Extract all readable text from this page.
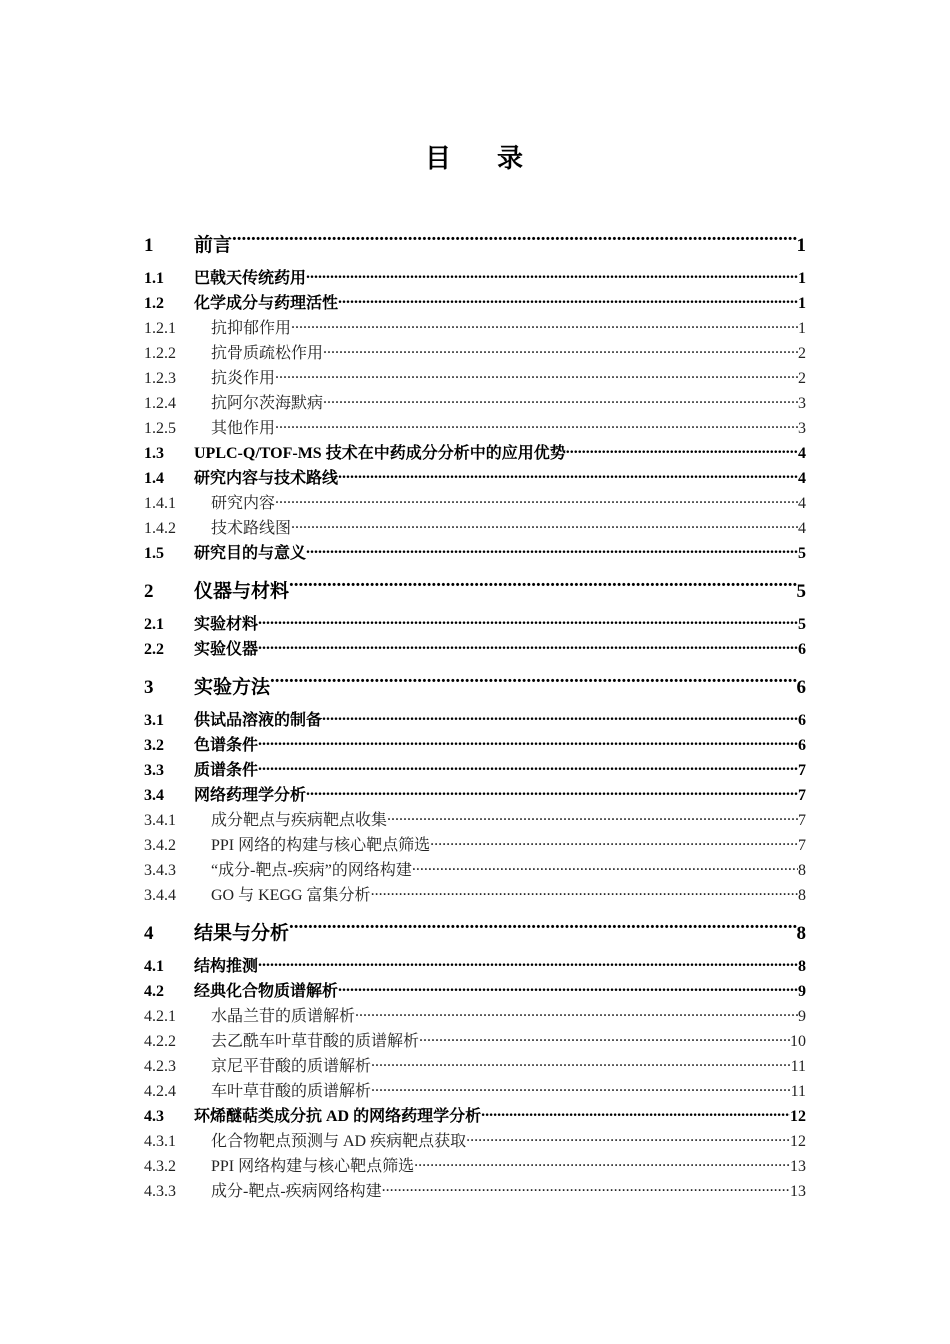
目 录
1	前言 .....	1
1.1	巴戟天传统药用 .....	1
1.2	化学成分与药理活性 .....	1
1.2.1	抗抑郁作用 .....	1
1.2.2	抗骨质疏松作用 .....	2
1.2.3	抗炎作用 .....	2
1.2.4	抗阿尔茨海默病 .....	3
1.2.5	其他作用 .....	3
1.3	UPLC-Q/TOF-MS 技术在中药成分分析中的应用优势 .....	4
1.4	研究内容与技术路线 .....	4
1.4.1	研究内容 .....	4
1.4.2	技术路线图 .....	4
1.5	研究目的与意义 .....	5
2	仪器与材料 .....	5
2.1	实验材料 .....	5
2.2	实验仪器 .....	6
3	实验方法 .....	6
3.1	供试品溶液的制备 .....	6
3.2	色谱条件 .....	6
3.3	质谱条件 .....	7
3.4	网络药理学分析 .....	7
3.4.1	成分靶点与疾病靶点收集 .....	7
3.4.2	PPI 网络的构建与核心靶点筛选 .....	7
3.4.3	“成分-靶点-疾病”的网络构建 .....	8
3.4.4	GO 与 KEGG 富集分析 .....	8
4	结果与分析 .....	8
4.1	结构推测 .....	8
4.2	经典化合物质谱解析 .....	9
4.2.1	水晶兰苷的质谱解析 .....	9
4.2.2	去乙酰车叶草苷酸的质谱解析 .....	10
4.2.3	京尼平苷酸的质谱解析 .....	11
4.2.4	车叶草苷酸的质谱解析 .....	11
4.3	环烯醚萜类成分抗 AD 的网络药理学分析 .....	12
4.3.1	化合物靶点预测与 AD 疾病靶点获取 .....	12
4.3.2	PPI 网络构建与核心靶点筛选 .....	13
4.3.3	成分-靶点-疾病网络构建 .....	13
